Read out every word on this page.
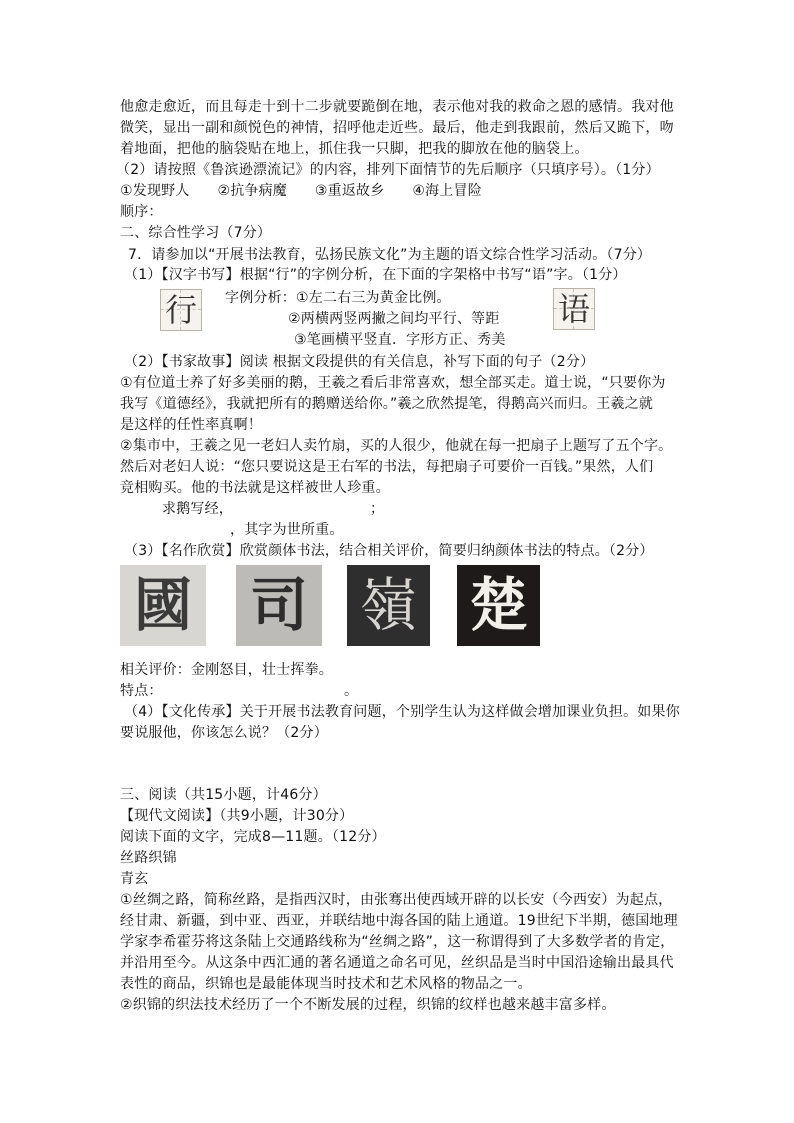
他愈走愈近，而且每走十到十二步就要跪倒在地，表示他对我的救命之恩的感情。我对他
微笑，显出一副和颜悦色的神情，招呼他走近些。最后，他走到我跟前，然后又跪下，吻
着地面，把他的脑袋贴在地上，抓住我一只脚，把我的脚放在他的脑袋上。
（2）请按照《鲁滨逊漂流记》的内容，排列下面情节的先后顺序（只填序号）。（1分）
①发现野人      ②抗争病魔      ③重返故乡      ④海上冒险
顺序：
二、综合性学习（7分）
7．请参加以“开展书法教育，弘扬民族文化”为主题的语文综合性学习活动。（7分）
（1）【汉字书写】根据“行”的字例分析，在下面的字架格中书写“语”字。（1分）
行 字例分析：①左二右三为黄金比例。
②两横两竖两撇之间均平行、等距
③笔画横平竖直．字形方正、秀美
语
（2）【书家故事】阅读 根据文段提供的有关信息，补写下面的句子（2分）
①有位道士养了好多美丽的鹅，王羲之看后非常喜欢，想全部买走。道士说，“只要你为
我写《道德经》，我就把所有的鹅赠送给你。”羲之欣然提笔，得鹅高兴而归。王羲之就
是这样的任性率真啊！
②集市中，王羲之见一老妇人卖竹扇，买的人很少，他就在每一把扇子上题写了五个字。
然后对老妇人说：“您只要说这是王右军的书法，每把扇子可要价一百钱。”果然，人们
竞相购买。他的书法就是这样被世人珍重。
求鹅写经，	；
，其字为世所重。
（3）【名作欣赏】欣赏颜体书法，结合相关评价，简要归纳颜体书法的特点。（2分）
國 司 嶺 楚
相关评价：金刚怒目，壮士挥拳。
特点：	。
（4）【文化传承】关于开展书法教育问题，个别学生认为这样做会增加课业负担。如果你
要说服他，你该怎么说？（2分）
三、阅读（共15小题，计46分）
【现代文阅读】（共9小题，计30分）
阅读下面的文字，完成8—11题。（12分）
丝路织锦
青玄
①丝绸之路，简称丝路，是指西汉时，由张骞出使西域开辟的以长安（今西安）为起点，
经甘肃、新疆，到中亚、西亚，并联结地中海各国的陆上通道。19世纪下半期，德国地理
学家李希霍芬将这条陆上交通路线称为“丝绸之路”，这一称谓得到了大多数学者的肯定，
并沿用至今。从这条中西汇通的著名通道之命名可见，丝织品是当时中国沿途输出最具代
表性的商品，织锦也是最能体现当时技术和艺术风格的物品之一。
②织锦的织法技术经历了一个不断发展的过程，织锦的纹样也越来越丰富多样。
